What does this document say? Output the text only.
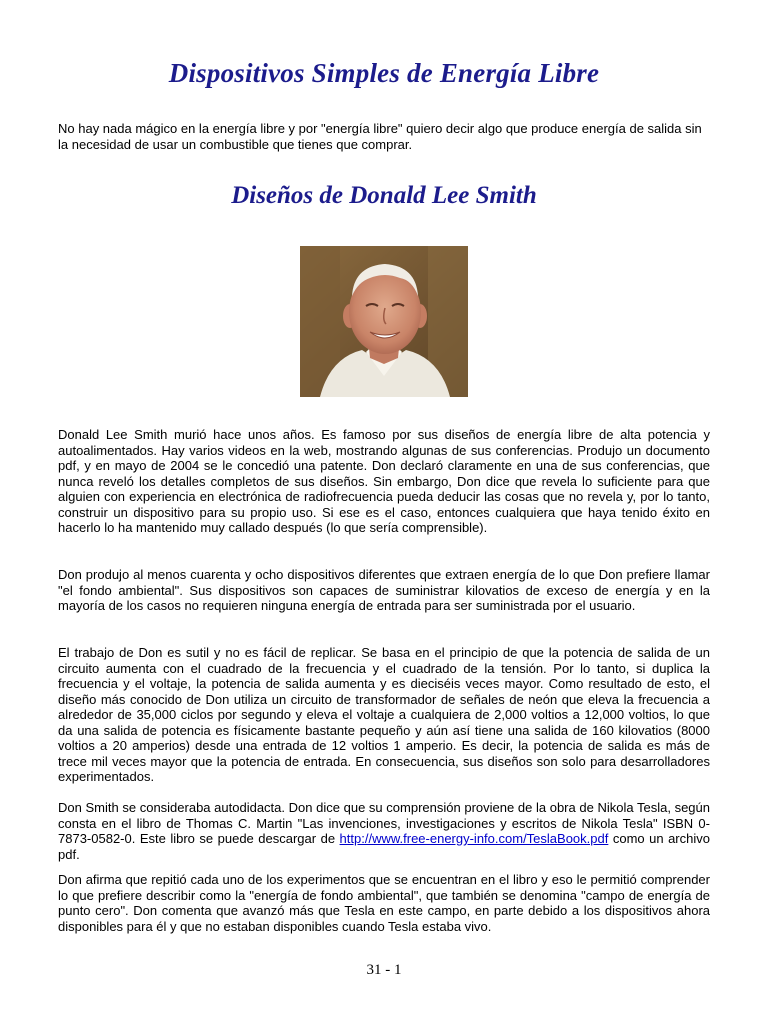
Dispositivos Simples de Energía Libre

No hay nada mágico en la energía libre y por "energía libre" quiero decir algo que produce energía de salida sin la necesidad de usar un combustible que tienes que comprar.

Diseños de Donald Lee Smith

Donald Lee Smith murió hace unos años. Es famoso por sus diseños de energía libre de alta potencia y autoalimentados. Hay varios videos en la web, mostrando algunas de sus conferencias. Produjo un documento pdf, y en mayo de 2004 se le concedió una patente. Don declaró claramente en una de sus conferencias, que nunca reveló los detalles completos de sus diseños. Sin embargo, Don dice que revela lo suficiente para que alguien con experiencia en electrónica de radiofrecuencia pueda deducir las cosas que no revela y, por lo tanto, construir un dispositivo para su propio uso. Si ese es el caso, entonces cualquiera que haya tenido éxito en hacerlo lo ha mantenido muy callado después (lo que sería comprensible).

Don produjo al menos cuarenta y ocho dispositivos diferentes que extraen energía de lo que Don prefiere llamar "el fondo ambiental". Sus dispositivos son capaces de suministrar kilovatios de exceso de energía y en la mayoría de los casos no requieren ninguna energía de entrada para ser suministrada por el usuario.

El trabajo de Don es sutil y no es fácil de replicar. Se basa en el principio de que la potencia de salida de un circuito aumenta con el cuadrado de la frecuencia y el cuadrado de la tensión. Por lo tanto, si duplica la frecuencia y el voltaje, la potencia de salida aumenta y es dieciséis veces mayor. Como resultado de esto, el diseño más conocido de Don utiliza un circuito de transformador de señales de neón que eleva la frecuencia a alrededor de 35,000 ciclos por segundo y eleva el voltaje a cualquiera de 2,000 voltios a 12,000 voltios, lo que da una salida de potencia es físicamente bastante pequeño y aún así tiene una salida de 160 kilovatios (8000 voltios a 20 amperios) desde una entrada de 12 voltios 1 amperio. Es decir, la potencia de salida es más de trece mil veces mayor que la potencia de entrada. En consecuencia, sus diseños son solo para desarrolladores experimentados.

Don Smith se consideraba autodidacta. Don dice que su comprensión proviene de la obra de Nikola Tesla, según consta en el libro de Thomas C. Martin "Las invenciones, investigaciones y escritos de Nikola Tesla" ISBN 0-7873-0582-0. Este libro se puede descargar de http://www.free-energy-info.com/TeslaBook.pdf como un archivo pdf.

Don afirma que repitió cada uno de los experimentos que se encuentran en el libro y eso le permitió comprender lo que prefiere describir como la "energía de fondo ambiental", que también se denomina "campo de energía de punto cero". Don comenta que avanzó más que Tesla en este campo, en parte debido a los dispositivos ahora disponibles para él y que no estaban disponibles cuando Tesla estaba vivo.

31 - 1
